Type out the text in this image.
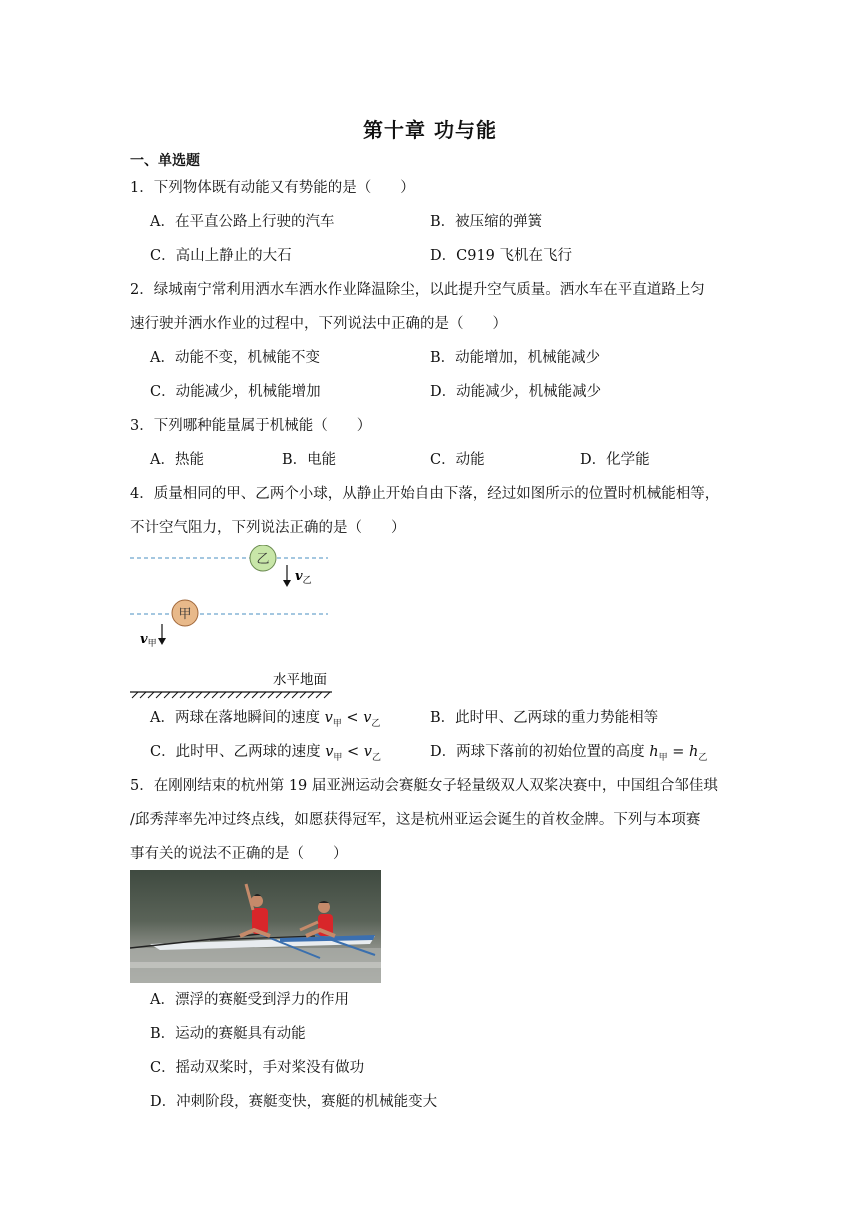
第十章 功与能
一、单选题
1．下列物体既有动能又有势能的是（　　）
A．在平直公路上行驶的汽车	B．被压缩的弹簧
C．高山上静止的大石	D．C919 飞机在飞行
2．绿城南宁常利用洒水车洒水作业降温除尘，以此提升空气质量。洒水车在平直道路上匀
速行驶并洒水作业的过程中，下列说法中正确的是（　　）
A．动能不变，机械能不变	B．动能增加，机械能减少
C．动能减少，机械能增加	D．动能减少，机械能减少
3．下列哪种能量属于机械能（　　）
A．热能	B．电能	C．动能	D．化学能
4．质量相同的甲、乙两个小球，从静止开始自由下落，经过如图所示的位置时机械能相等，
不计空气阻力，下列说法正确的是（　　）
乙
甲
$v_乙$
$v_甲$
水平地面
A．两球在落地瞬间的速度 $v_甲 < v_乙$	B．此时甲、乙两球的重力势能相等
C．此时甲、乙两球的速度 $v_甲 < v_乙$	D．两球下落前的初始位置的高度 $h_甲 = h_乙$
5．在刚刚结束的杭州第 19 届亚洲运动会赛艇女子轻量级双人双桨决赛中，中国组合邹佳琪
/邱秀萍率先冲过终点线，如愿获得冠军，这是杭州亚运会诞生的首枚金牌。下列与本项赛
事有关的说法不正确的是（　　）
A．漂浮的赛艇受到浮力的作用
B．运动的赛艇具有动能
C．摇动双桨时，手对桨没有做功
D．冲刺阶段，赛艇变快，赛艇的机械能变大
